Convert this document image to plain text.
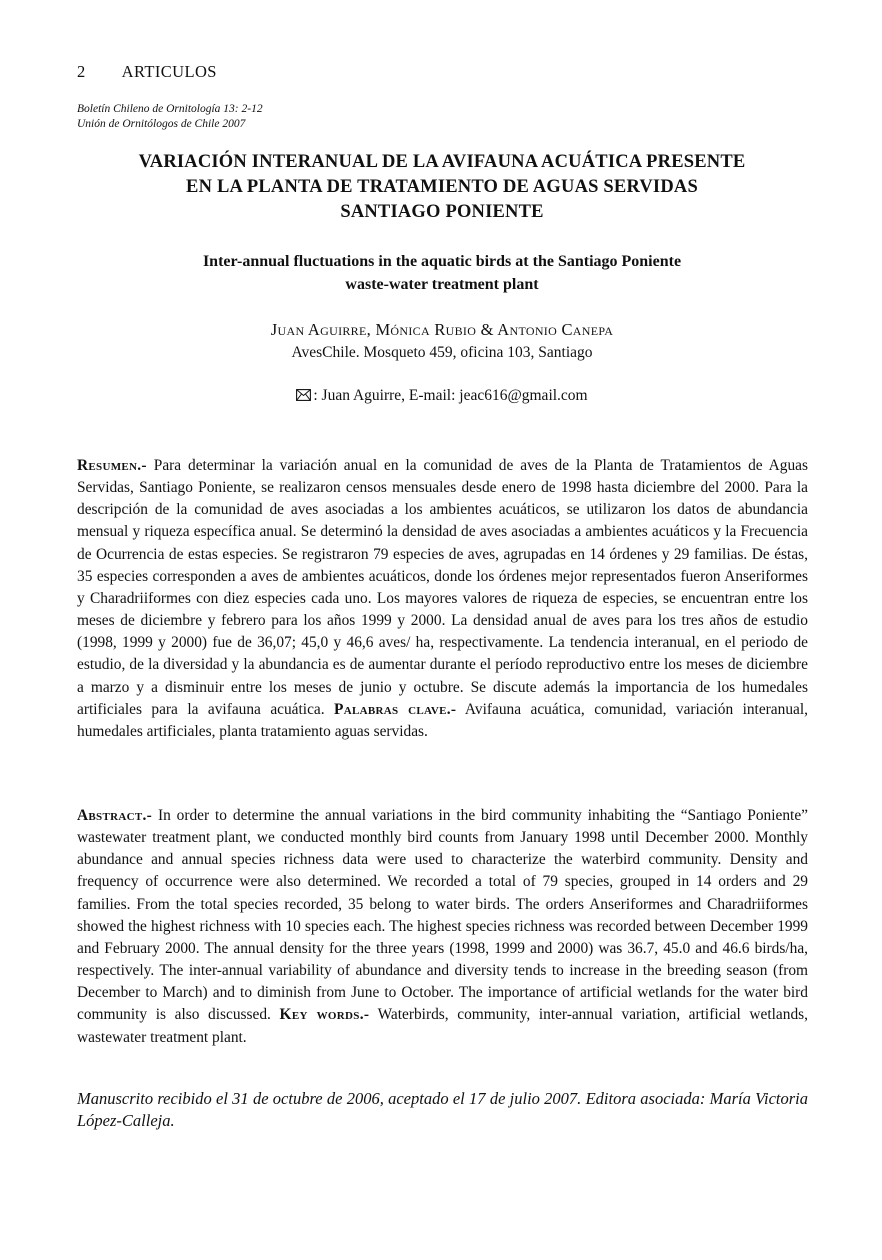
2 ARTICULOS
Boletín Chileno de Ornitología 13: 2-12
Unión de Ornitólogos de Chile 2007
VARIACIÓN INTERANUAL DE LA AVIFAUNA ACUÁTICA PRESENTE
EN LA PLANTA DE TRATAMIENTO DE AGUAS SERVIDAS
SANTIAGO PONIENTE
Inter-annual fluctuations in the aquatic birds at the Santiago Poniente
waste-water treatment plant
Juan Aguirre, Mónica Rubio & Antonio Canepa
AvesChile. Mosqueto 459, oficina 103, Santiago
: Juan Aguirre, E-mail: jeac616@gmail.com
Resumen.- Para determinar la variación anual en la comunidad de aves de la Planta de Tratamientos de Aguas Servidas, Santiago Poniente, se realizaron censos mensuales desde enero de 1998 hasta diciembre del 2000. Para la descripción de la comunidad de aves asociadas a los ambientes acuáticos, se utilizaron los datos de abundancia mensual y riqueza específica anual. Se determinó la densidad de aves asociadas a ambientes acuáticos y la Frecuencia de Ocurrencia de estas especies. Se registraron 79 especies de aves, agrupadas en 14 órdenes y 29 familias. De éstas, 35 especies corresponden a aves de ambientes acuáticos, donde los órdenes mejor representados fueron Anseriformes y Charadriiformes con diez especies cada uno. Los mayores valores de riqueza de especies, se encuentran entre los meses de diciembre y febrero para los años 1999 y 2000. La densidad anual de aves para los tres años de estudio (1998, 1999 y 2000) fue de 36,07; 45,0 y 46,6 aves/ ha, respectivamente. La tendencia interanual, en el periodo de estudio, de la diversidad y la abundancia es de aumentar durante el período reproductivo entre los meses de diciembre a marzo y a disminuir entre los meses de junio y octubre. Se discute además la importancia de los humedales artificiales para la avifauna acuática. Palabras clave.- Avifauna acuática, comunidad, variación interanual, humedales artificiales, planta tratamiento aguas servidas.
Abstract.- In order to determine the annual variations in the bird community inhabiting the “Santiago Poniente” wastewater treatment plant, we conducted monthly bird counts from January 1998 until December 2000. Monthly abundance and annual species richness data were used to characterize the waterbird community. Density and frequency of occurrence were also determined. We recorded a total of 79 species, grouped in 14 orders and 29 families. From the total species recorded, 35 belong to water birds. The orders Anseriformes and Charadriiformes showed the highest richness with 10 species each. The highest species richness was recorded between December 1999 and February 2000. The annual density for the three years (1998, 1999 and 2000) was 36.7, 45.0 and 46.6 birds/ha, respectively. The inter-annual variability of abundance and diversity tends to increase in the breeding season (from December to March) and to diminish from June to October. The importance of artificial wetlands for the water bird community is also discussed. Key words.- Waterbirds, community, inter-annual variation, artificial wetlands, wastewater treatment plant.
Manuscrito recibido el 31 de octubre de 2006, aceptado el 17 de julio 2007. Editora asociada: María Victoria López-Calleja.
